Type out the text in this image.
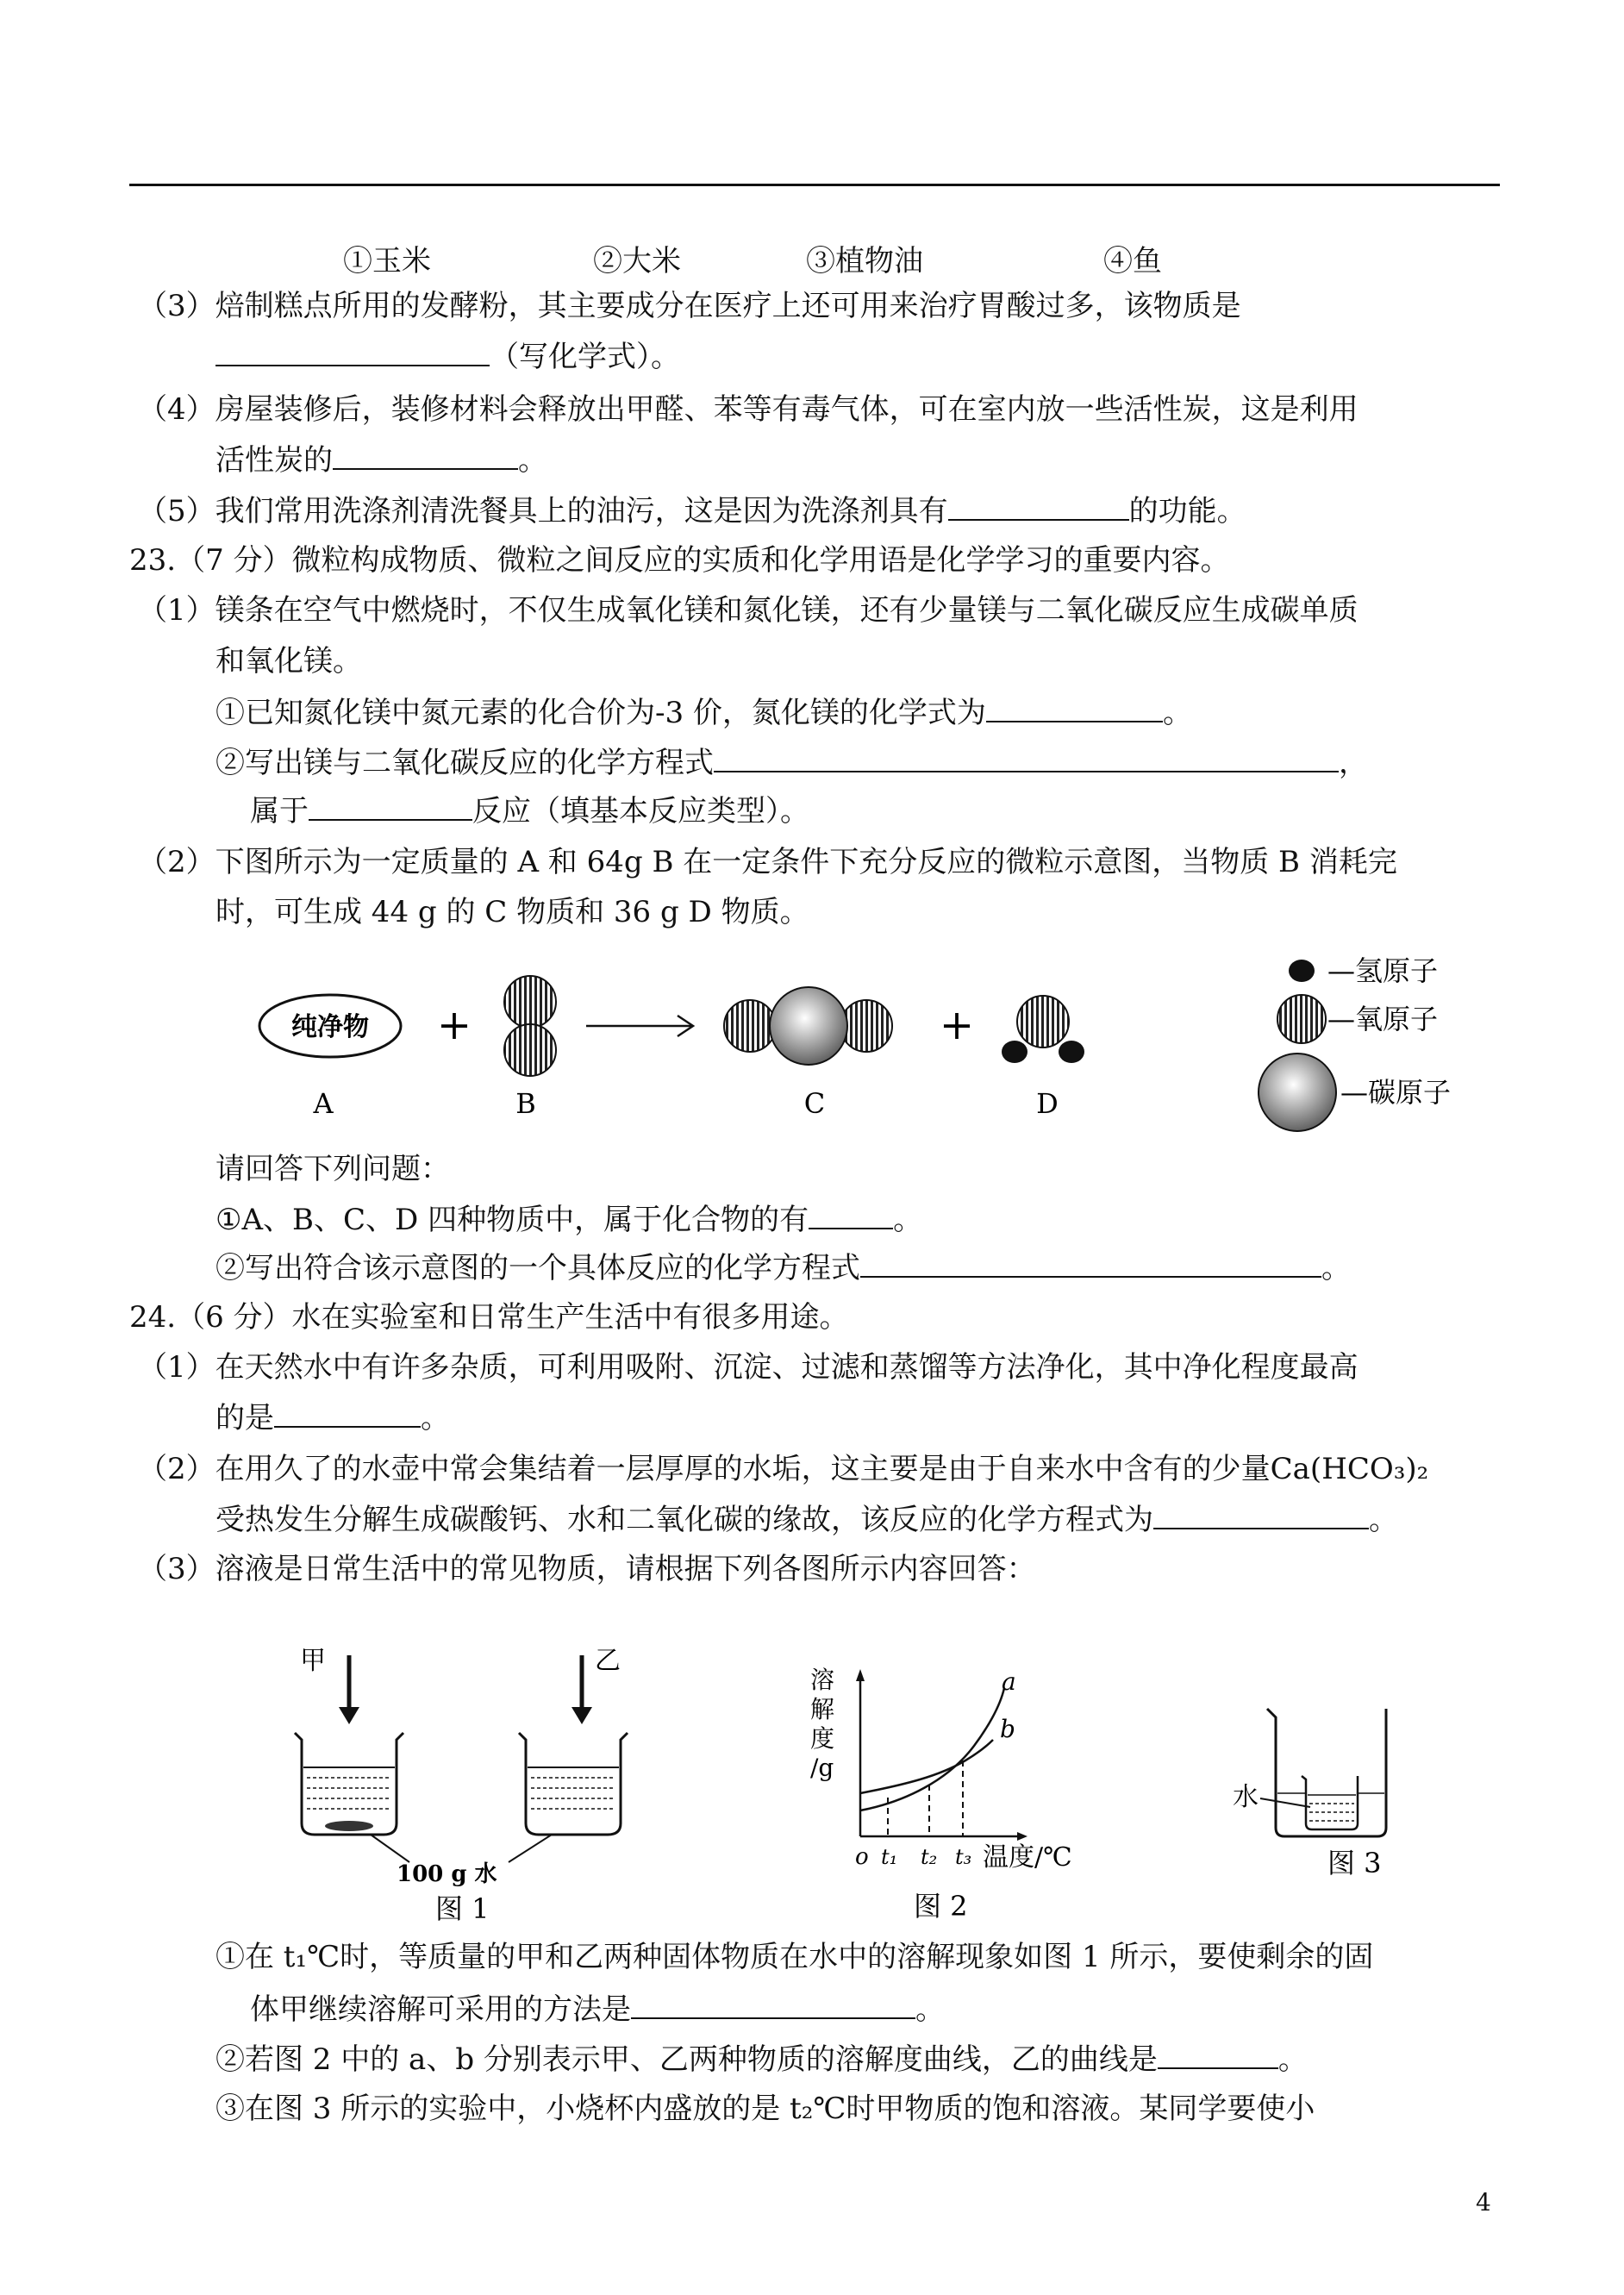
①玉米	②大米	③植物油	④鱼
（3）焙制糕点所用的发酵粉，其主要成分在医疗上还可用来治疗胃酸过多，该物质是
（写化学式）。
（4）房屋装修后，装修材料会释放出甲醛、苯等有毒气体，可在室内放一些活性炭，这是利用
活性炭的	。
（5）我们常用洗涤剂清洗餐具上的油污，这是因为洗涤剂具有	的功能。
23.（7 分）微粒构成物质、微粒之间反应的实质和化学用语是化学学习的重要内容。
（1）镁条在空气中燃烧时，不仅生成氧化镁和氮化镁，还有少量镁与二氧化碳反应生成碳单质
和氧化镁。
①已知氮化镁中氮元素的化合价为-3 价，氮化镁的化学式为	。
②写出镁与二氧化碳反应的化学方程式	，
属于	反应（填基本反应类型）。
（2）下图所示为一定质量的 A 和 64g B 在一定条件下充分反应的微粒示意图，当物质 B 消耗完
时，可生成 44 g 的 C 物质和 36 g D 物质。
纯净物 +	+
A	B	C	D
—氢原子
—氧原子
—碳原子
请回答下列问题：
①A、B、C、D 四种物质中，属于化合物的有	。
②写出符合该示意图的一个具体反应的化学方程式	。
24.（6 分）水在实验室和日常生产生活中有很多用途。
（1）在天然水中有许多杂质，可利用吸附、沉淀、过滤和蒸馏等方法净化，其中净化程度最高
的是	。
（2）在用久了的水壶中常会集结着一层厚厚的水垢，这主要是由于自来水中含有的少量Ca(HCO₃)₂
受热发生分解生成碳酸钙、水和二氧化碳的缘故，该反应的化学方程式为	。
（3）溶液是日常生活中的常见物质，请根据下列各图所示内容回答：
甲	乙
100 g 水
图 1
溶
解
度
/g
a
b
o t₁ t₂ t₃ 温度/℃
图 2
水
图 3
①在 t₁℃时，等质量的甲和乙两种固体物质在水中的溶解现象如图 1 所示，要使剩余的固
体甲继续溶解可采用的方法是	。
②若图 2 中的 a、b 分别表示甲、乙两种物质的溶解度曲线，乙的曲线是	。
③在图 3 所示的实验中，小烧杯内盛放的是 t₂℃时甲物质的饱和溶液。某同学要使小
4
